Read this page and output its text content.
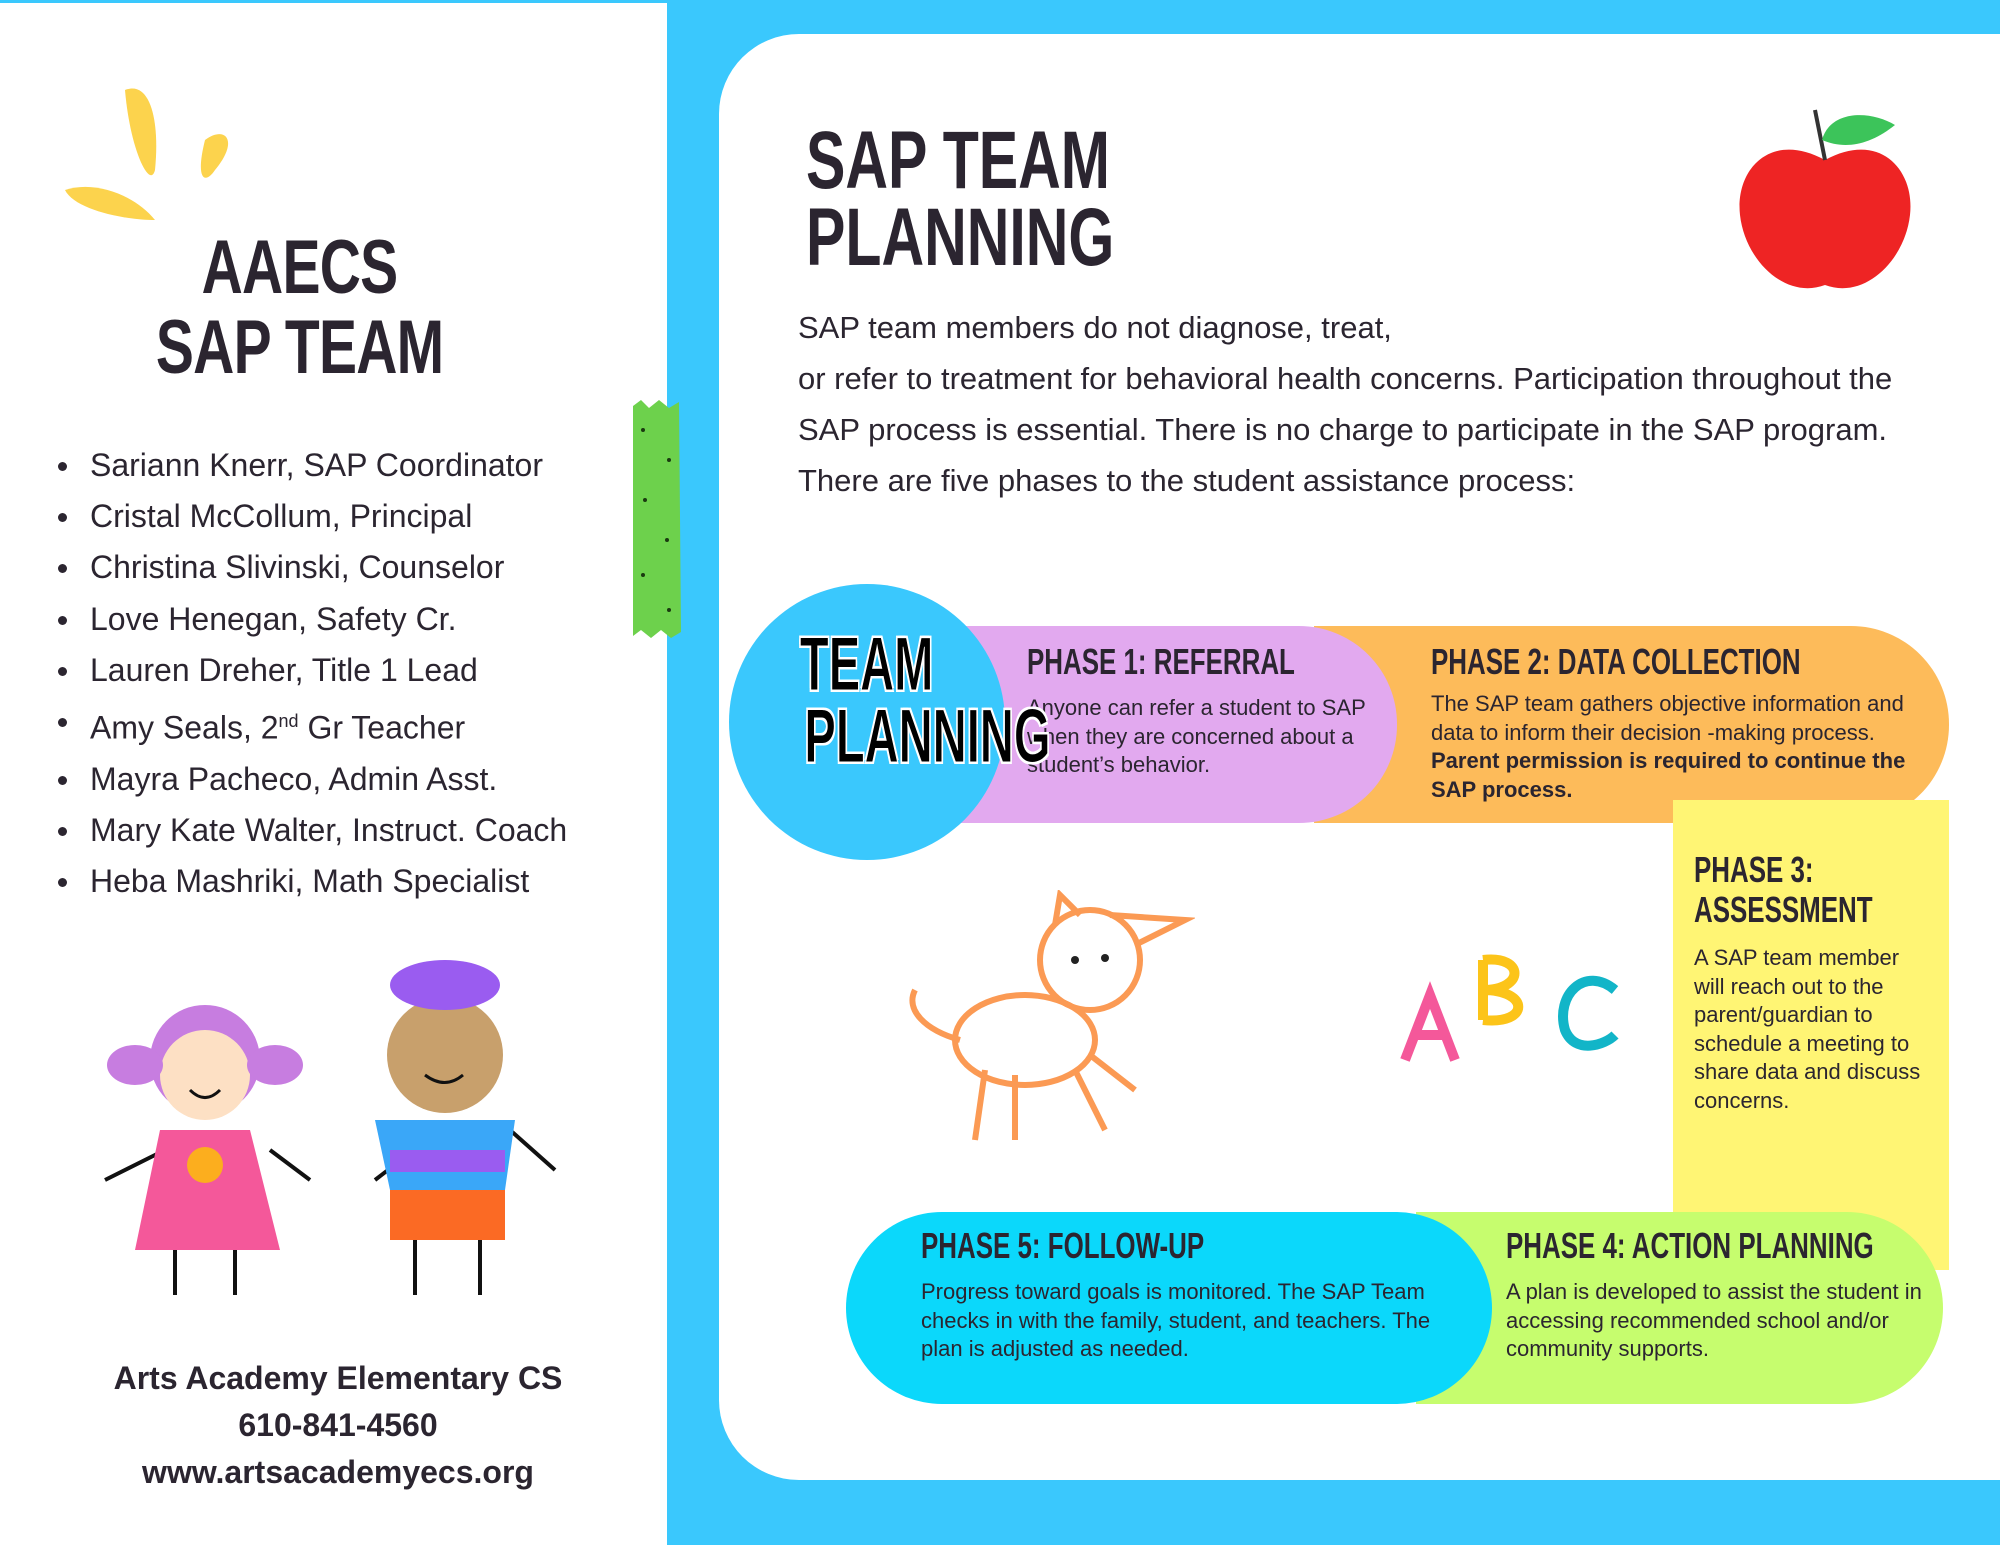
AAECS
SAP TEAM
Sariann Knerr, SAP Coordinator
Cristal McCollum, Principal
Christina Slivinski, Counselor
Love Henegan, Safety Cr.
Lauren Dreher, Title 1 Lead
Amy Seals, 2nd Gr Teacher
Mayra Pacheco, Admin Asst.
Mary Kate Walter, Instruct. Coach
Heba Mashriki, Math Specialist
Arts Academy Elementary CS
610-841-4560
www.artsacademyecs.org
SAP TEAM
PLANNING
SAP team members do not diagnose, treat,
or refer to treatment for behavioral health concerns. Participation throughout the SAP process is essential. There is no charge to participate in the SAP program. There are five phases to the student assistance process:
TEAM
PLANNING
PHASE 1: REFERRAL

Anyone can refer a student to SAP when they are concerned about a student’s behavior.

PHASE 2: DATA COLLECTION

The SAP team gathers objective information and data to inform their decision -making process. Parent permission is required to continue the SAP process.

PHASE 3:
ASSESSMENT

A SAP team member will reach out to the parent/guardian to schedule a meeting to share data and discuss concerns.

PHASE 4: ACTION PLANNING

A plan is developed to assist the student in accessing recommended school and/or community supports.

PHASE 5: FOLLOW-UP

Progress toward goals is monitored. The SAP Team checks in with the family, student, and teachers. The plan is adjusted as needed.
